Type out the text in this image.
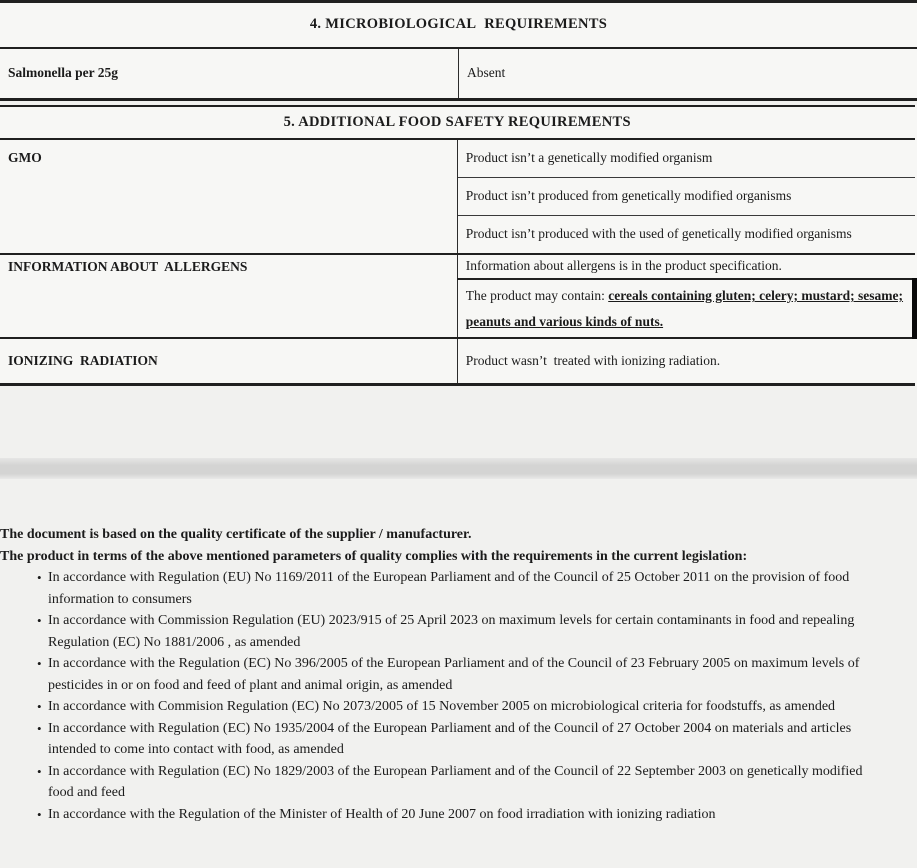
4. MICROBIOLOGICAL  REQUIREMENTS
Salmonella per 25g	Absent
5. ADDITIONAL FOOD SAFETY REQUIREMENTS	
GMO	Product isn’t a genetically modified organism
	Product isn’t produced from genetically modified organisms
	Product isn’t produced with the used of genetically modified organisms
INFORMATION ABOUT  ALLERGENS	Information about allergens is in the product specification.
	The product may contain: cereals containing gluten; celery; mustard; sesame; peanuts and various kinds of nuts.
IONIZING  RADIATION	Product wasn’t  treated with ionizing radiation.

The document is based on the quality certificate of the supplier / manufacturer.

The product in terms of the above mentioned parameters of quality complies with the requirements in the current legislation:

• In accordance with Regulation (EU) No 1169/2011 of the European Parliament and of the Council of 25 October 2011 on the provision of food information to consumers
• In accordance with Commission Regulation (EU) 2023/915 of 25 April 2023 on maximum levels for certain contaminants in food and repealing Regulation (EC) No 1881/2006 , as amended
• In accordance with the Regulation (EC) No 396/2005 of the European Parliament and of the Council of 23 February 2005 on maximum levels of pesticides in or on food and feed of plant and animal origin, as amended
• In accordance with Commision Regulation (EC) No 2073/2005 of 15 November 2005 on microbiological criteria for foodstuffs, as amended
• In accordance with Regulation (EC) No 1935/2004 of the European Parliament and of the Council of 27 October 2004 on materials and articles intended to come into contact with food, as amended
• In accordance with Regulation (EC) No 1829/2003 of the European Parliament and of the Council of 22 September 2003 on genetically modified food and feed
• In accordance with the Regulation of the Minister of Health of 20 June 2007 on food irradiation with ionizing radiation
